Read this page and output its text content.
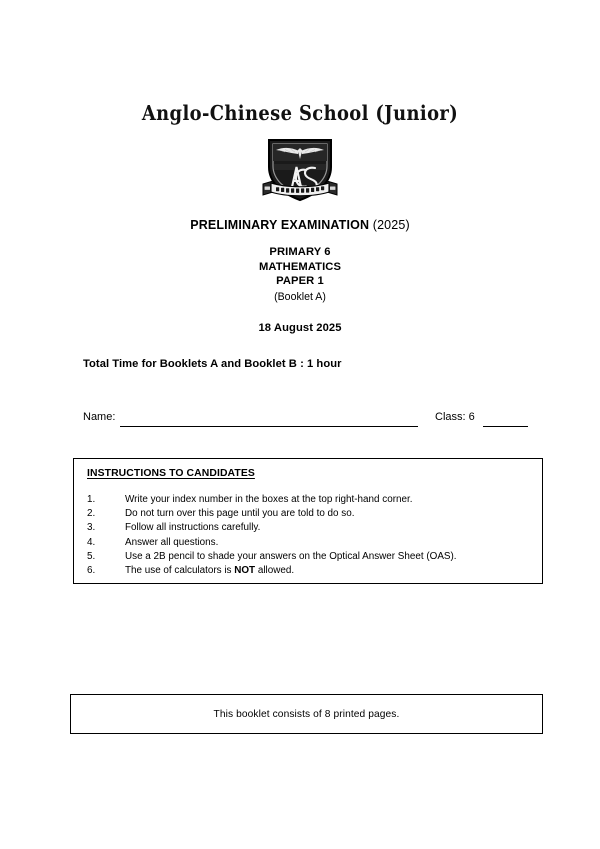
Anglo-Chinese School (Junior)
PRELIMINARY EXAMINATION (2025)
PRIMARY 6
MATHEMATICS
PAPER 1
(Booklet A)
18 August 2025
Total Time for Booklets A and Booklet B : 1 hour
Name:	Class: 6
INSTRUCTIONS TO CANDIDATES
1.	Write your index number in the boxes at the top right-hand corner.
2.	Do not turn over this page until you are told to do so.
3.	Follow all instructions carefully.
4.	Answer all questions.
5.	Use a 2B pencil to shade your answers on the Optical Answer Sheet (OAS).
6.	The use of calculators is NOT allowed.
This booklet consists of 8 printed pages.
